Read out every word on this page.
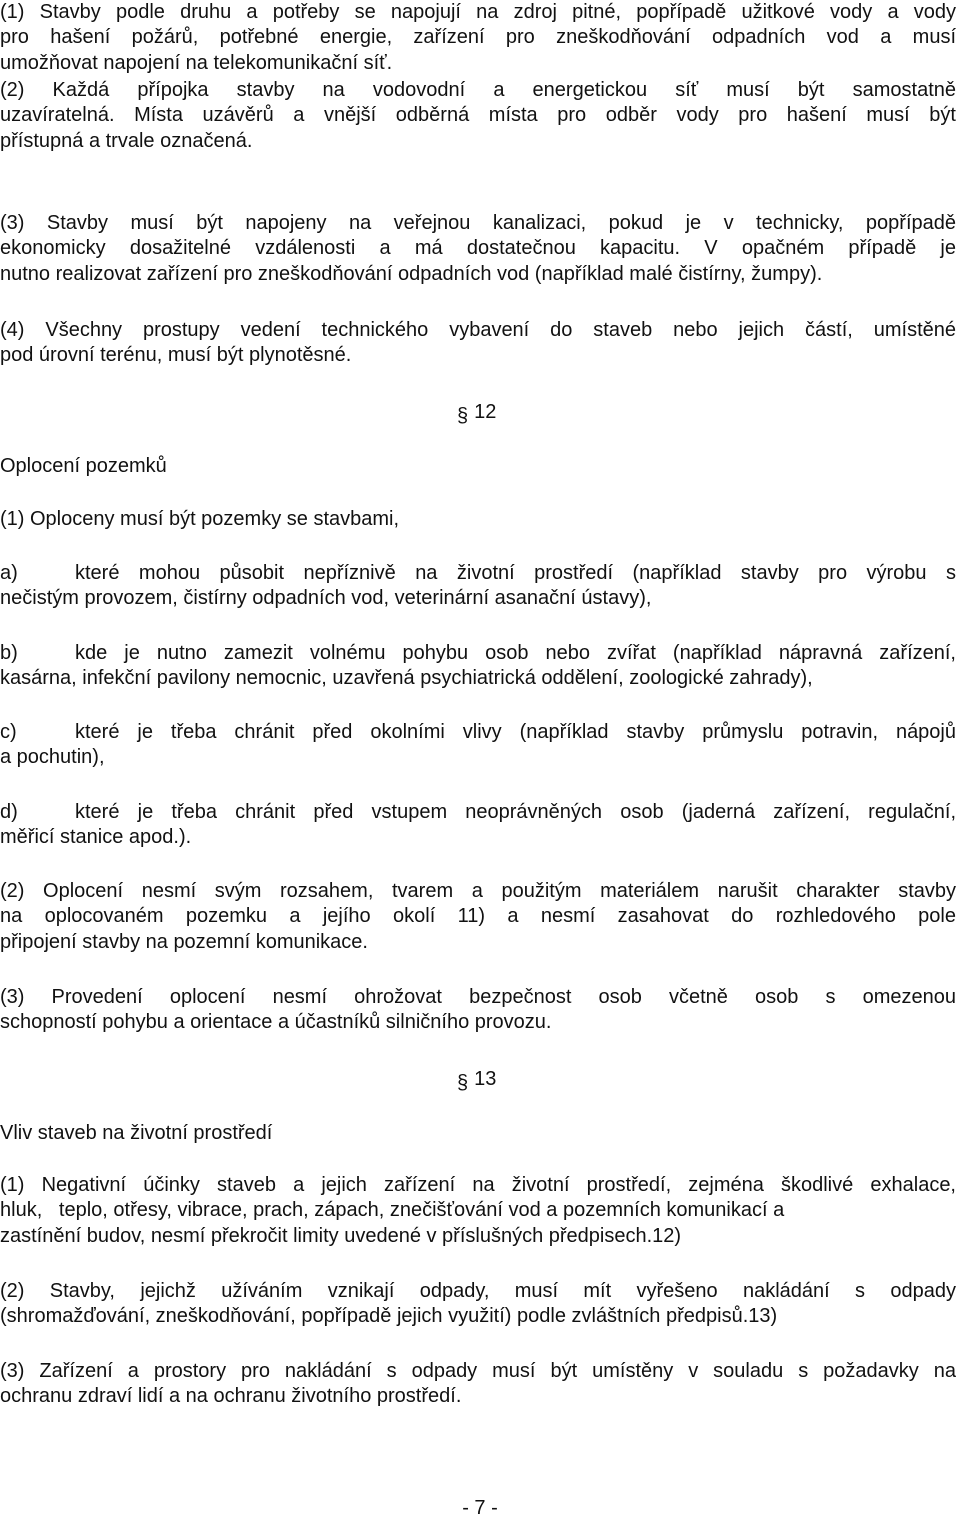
(1) Stavby podle druhu a potřeby se napojují na zdroj pitné, popřípadě užitkové vody a vody
pro hašení požárů, potřebné energie, zařízení pro zneškodňování odpadních vod a musí
umožňovat napojení na telekomunikační síť.
(2) Každá přípojka stavby na vodovodní a energetickou síť musí být samostatně
uzavíratelná. Místa uzávěrů a vnější odběrná místa pro odběr vody pro hašení musí být
přístupná a trvale označená.
(3) Stavby musí být napojeny na veřejnou kanalizaci, pokud je v technicky, popřípadě
ekonomicky dosažitelné vzdálenosti a má dostatečnou kapacitu. V opačném případě je
nutno realizovat zařízení pro zneškodňování odpadních vod (například malé čistírny, žumpy).
(4) Všechny prostupy vedení technického vybavení do staveb nebo jejich částí, umístěné
pod úrovní terénu, musí být plynotěsné.
§ 12
Oplocení pozemků
(1) Oploceny musí být pozemky se stavbami,
a)	které mohou působit nepříznivě na životní prostředí (například stavby pro výrobu s
nečistým provozem, čistírny odpadních vod, veterinární asanační ústavy),
b)	kde je nutno zamezit volnému pohybu osob nebo zvířat (například nápravná zařízení,
kasárna, infekční pavilony nemocnic, uzavřená psychiatrická oddělení, zoologické zahrady),
c)	které je třeba chránit před okolními vlivy (například stavby průmyslu potravin, nápojů
a pochutin),
d)	které je třeba chránit před vstupem neoprávněných osob (jaderná zařízení, regulační,
měřicí stanice apod.).
(2) Oplocení nesmí svým rozsahem, tvarem a použitým materiálem narušit charakter stavby
na oplocovaném pozemku a jejího okolí 11) a nesmí zasahovat do rozhledového pole
připojení stavby na pozemní komunikace.
(3) Provedení oplocení nesmí ohrožovat bezpečnost osob včetně osob s omezenou
schopností pohybu a orientace a účastníků silničního provozu.
§ 13
Vliv staveb na životní prostředí
(1) Negativní účinky staveb a jejich zařízení na životní prostředí, zejména škodlivé exhalace,
hluk,   teplo, otřesy, vibrace, prach, zápach, znečišťování vod a pozemních komunikací a
zastínění budov, nesmí překročit limity uvedené v příslušných předpisech.12)
(2) Stavby, jejichž užíváním vznikají odpady, musí mít vyřešeno nakládání s odpady
(shromažďování, zneškodňování, popřípadě jejich využití) podle zvláštních předpisů.13)
(3) Zařízení a prostory pro nakládání s odpady musí být umístěny v souladu s požadavky na
ochranu zdraví lidí a na ochranu životního prostředí.
- 7 -
